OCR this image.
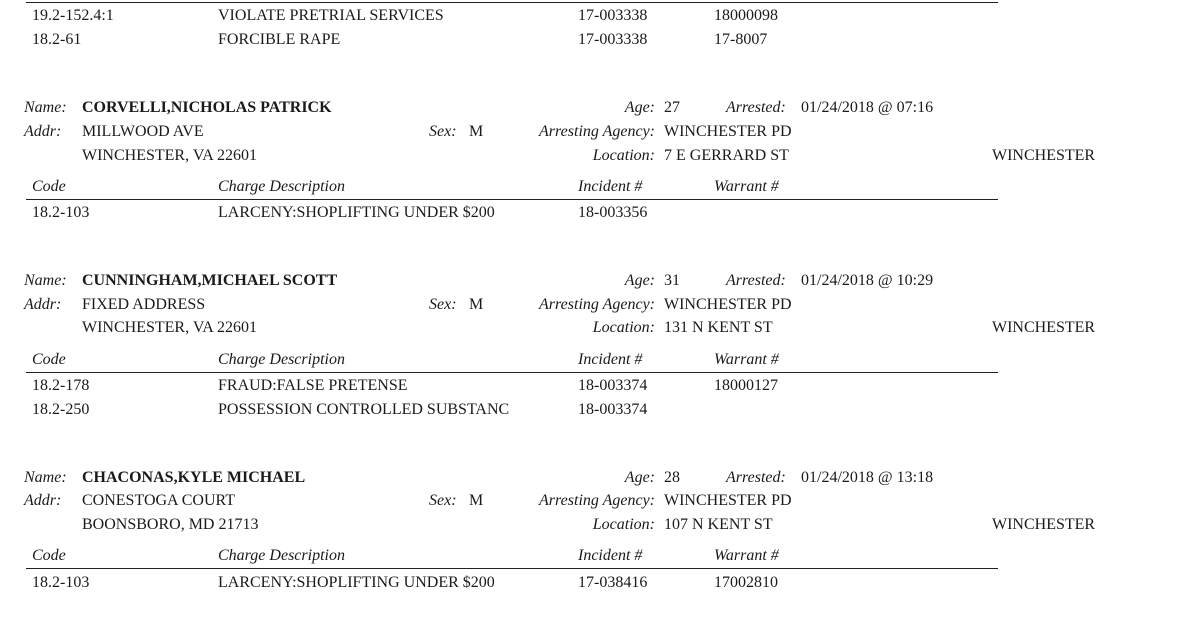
19.2-152.4:1	VIOLATE PRETRIAL SERVICES	17-003338	18000098
18.2-61	FORCIBLE RAPE	17-003338	17-8007
Name: CORVELLI,NICHOLAS PATRICK	Age: 27	Arrested: 01/24/2018 @ 07:16
Addr: MILLWOOD AVE	Sex: M	Arresting Agency: WINCHESTER PD
WINCHESTER, VA 22601	Location: 7 E GERRARD ST	WINCHESTER
Code	Charge Description	Incident #	Warrant #
18.2-103	LARCENY:SHOPLIFTING UNDER $200	18-003356
Name: CUNNINGHAM,MICHAEL SCOTT	Age: 31	Arrested: 01/24/2018 @ 10:29
Addr: FIXED ADDRESS	Sex: M	Arresting Agency: WINCHESTER PD
WINCHESTER, VA 22601	Location: 131 N KENT ST	WINCHESTER
Code	Charge Description	Incident #	Warrant #
18.2-178	FRAUD:FALSE PRETENSE	18-003374	18000127
18.2-250	POSSESSION CONTROLLED SUBSTANC	18-003374
Name: CHACONAS,KYLE MICHAEL	Age: 28	Arrested: 01/24/2018 @ 13:18
Addr: CONESTOGA COURT	Sex: M	Arresting Agency: WINCHESTER PD
BOONSBORO, MD 21713	Location: 107 N KENT ST	WINCHESTER
Code	Charge Description	Incident #	Warrant #
18.2-103	LARCENY:SHOPLIFTING UNDER $200	17-038416	17002810
